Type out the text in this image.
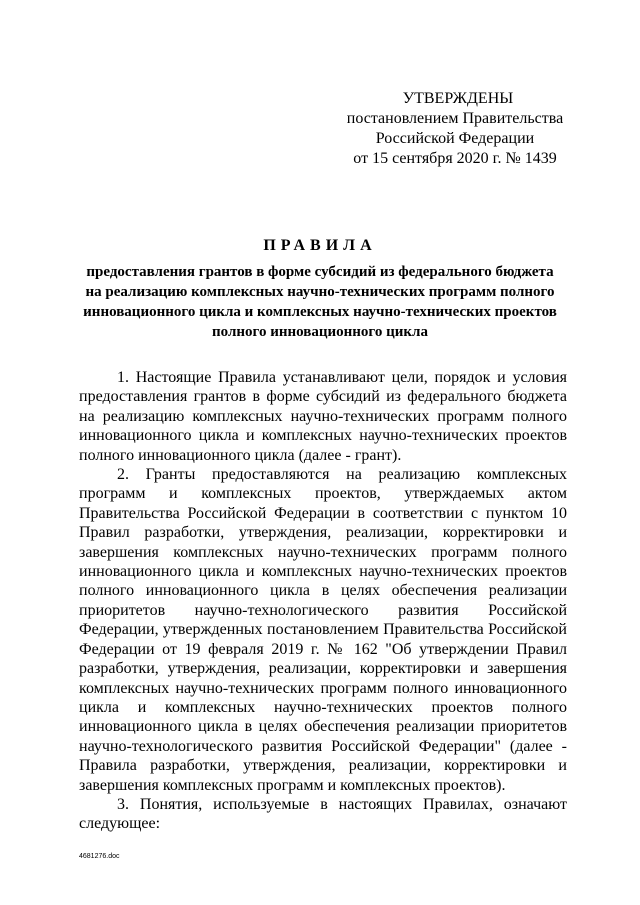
УТВЕРЖДЕНЫ
постановлением Правительства
Российской Федерации
от 15 сентября 2020 г. № 1439
ПРАВИЛА
предоставления грантов в форме субсидий из федерального бюджета
на реализацию комплексных научно-технических программ полного
инновационного цикла и комплексных научно-технических проектов
полного инновационного цикла

1. Настоящие Правила устанавливают цели, порядок и условия предоставления грантов в форме субсидий из федерального бюджета на реализацию комплексных научно-технических программ полного инновационного цикла и комплексных научно-технических проектов полного инновационного цикла (далее - грант).

2. Гранты предоставляются на реализацию комплексных программ и комплексных проектов, утверждаемых актом Правительства Российской Федерации в соответствии с пунктом 10 Правил разработки, утверждения, реализации, корректировки и завершения комплексных научно-технических программ полного инновационного цикла и комплексных научно-технических проектов полного инновационного цикла в целях обеспечения реализации приоритетов научно-технологического развития Российской Федерации, утвержденных постановлением Правительства Российской Федерации от 19 февраля 2019 г. № 162 "Об утверждении Правил разработки, утверждения, реализации, корректировки и завершения комплексных научно-технических программ полного инновационного цикла и комплексных научно-технических проектов полного инновационного цикла в целях обеспечения реализации приоритетов научно-технологического развития Российской Федерации" (далее - Правила разработки, утверждения, реализации, корректировки и завершения комплексных программ и комплексных проектов).

3. Понятия, используемые в настоящих Правилах, означают следующее:

4681276.doc
